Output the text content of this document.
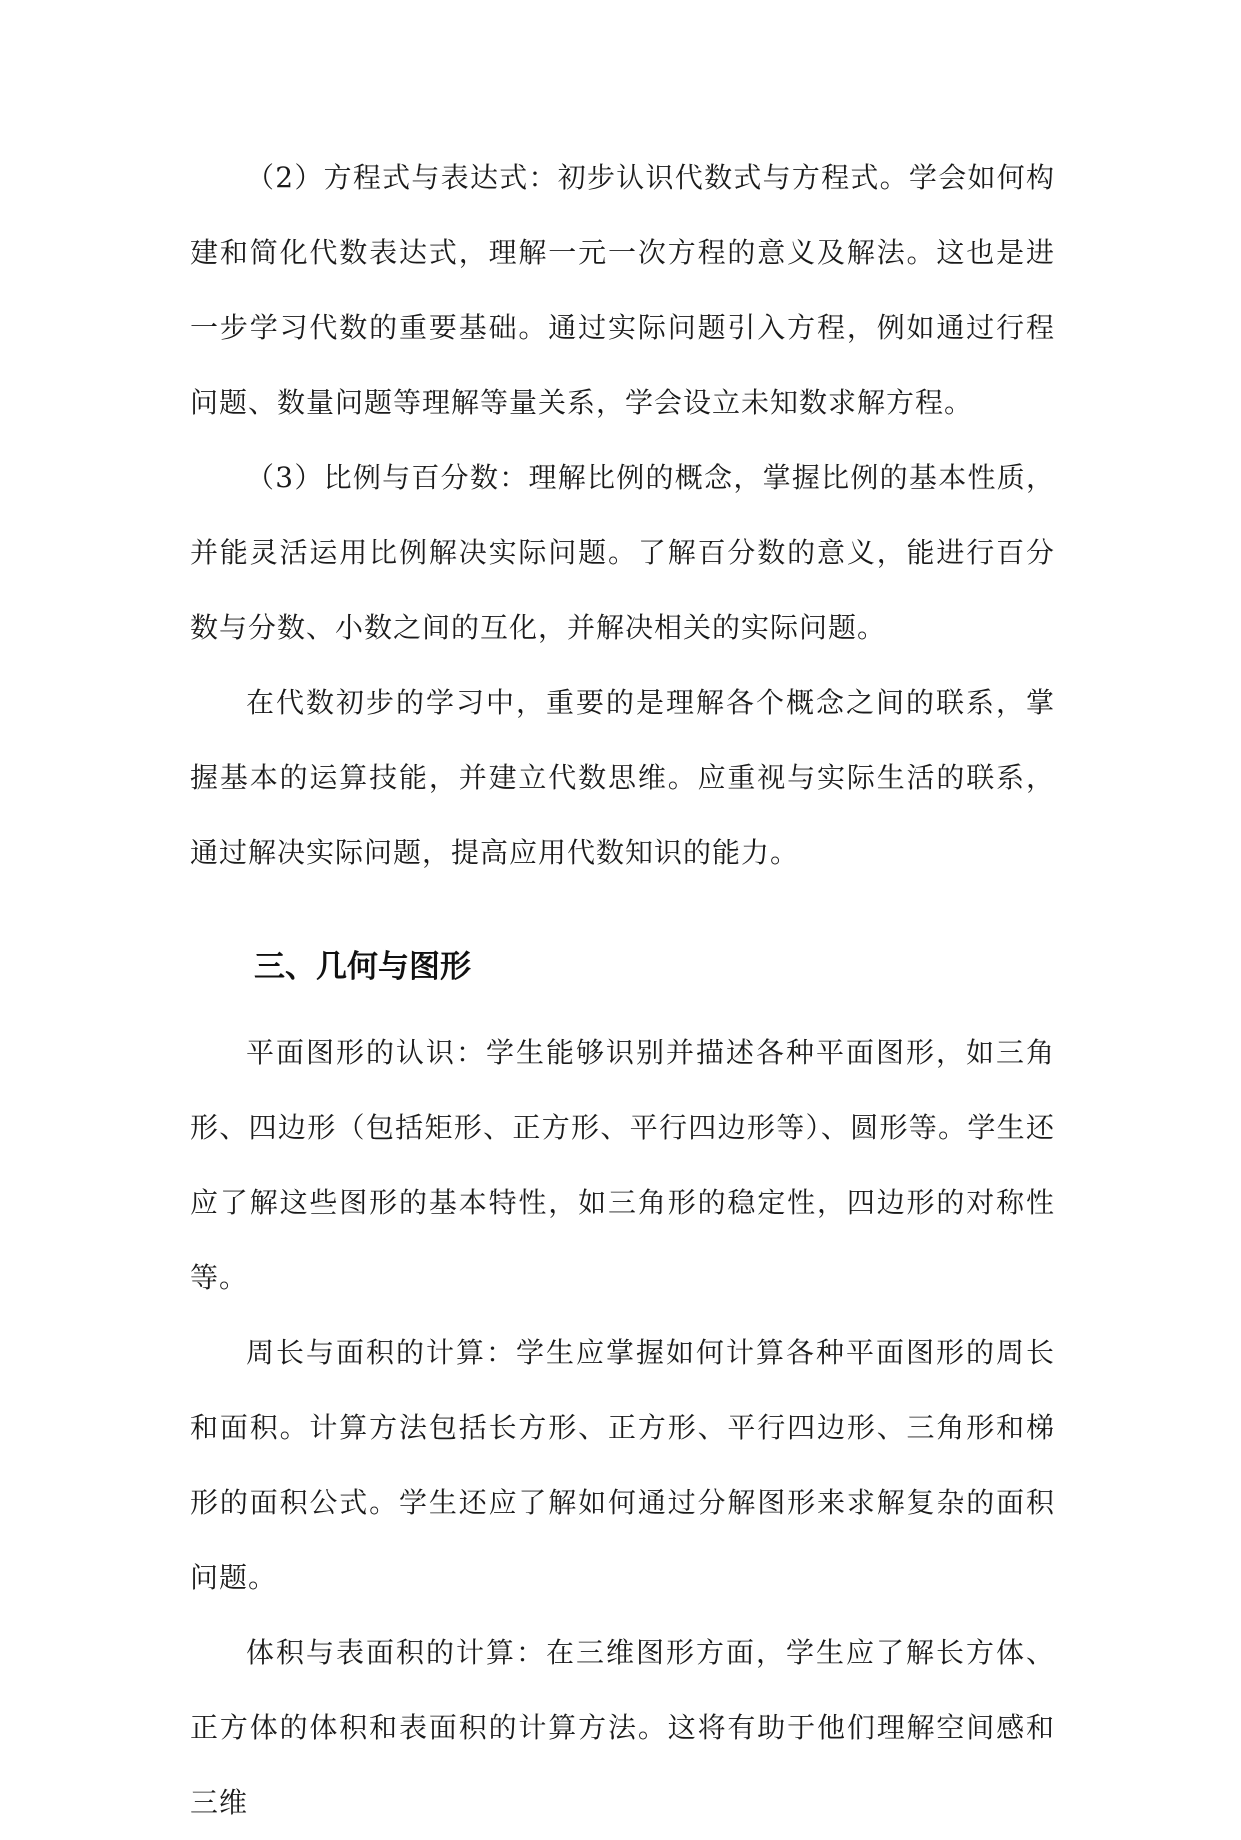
（2）方程式与表达式：初步认识代数式与方程式。学会如何构建和简化代数表达式，理解一元一次方程的意义及解法。这也是进一步学习代数的重要基础。通过实际问题引入方程，例如通过行程问题、数量问题等理解等量关系，学会设立未知数求解方程。

（3）比例与百分数：理解比例的概念，掌握比例的基本性质，并能灵活运用比例解决实际问题。了解百分数的意义，能进行百分数与分数、小数之间的互化，并解决相关的实际问题。

在代数初步的学习中，重要的是理解各个概念之间的联系，掌握基本的运算技能，并建立代数思维。应重视与实际生活的联系，通过解决实际问题，提高应用代数知识的能力。

三、几何与图形

平面图形的认识：学生能够识别并描述各种平面图形，如三角形、四边形（包括矩形、正方形、平行四边形等）、圆形等。学生还应了解这些图形的基本特性，如三角形的稳定性，四边形的对称性等。

周长与面积的计算：学生应掌握如何计算各种平面图形的周长和面积。计算方法包括长方形、正方形、平行四边形、三角形和梯形的面积公式。学生还应了解如何通过分解图形来求解复杂的面积问题。

体积与表面积的计算：在三维图形方面，学生应了解长方体、正方体的体积和表面积的计算方法。这将有助于他们理解空间感和三维
